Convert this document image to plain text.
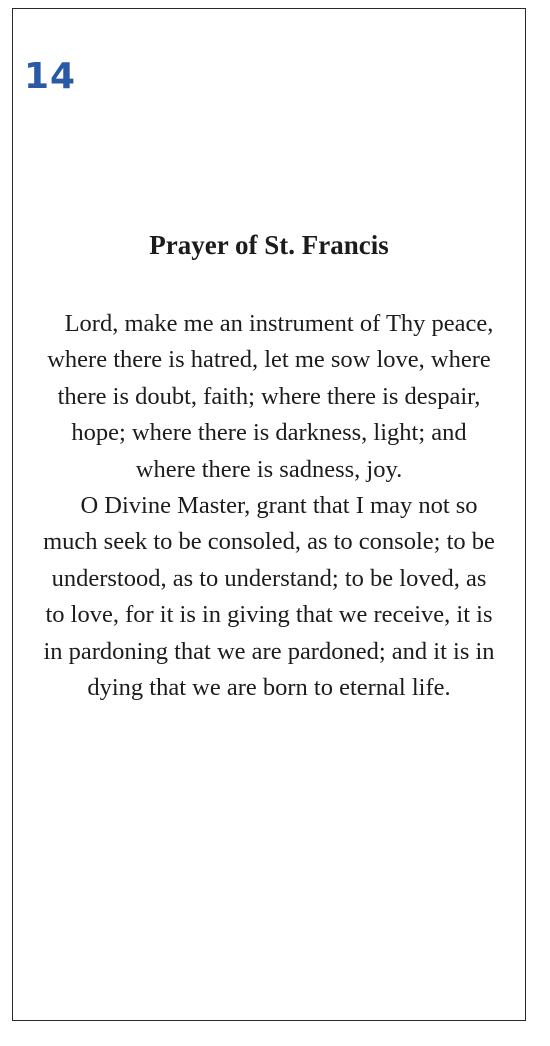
14
Prayer of St. Francis

Lord, make me an instrument of Thy peace, where there is hatred, let me sow love, where there is doubt, faith; where there is despair, hope; where there is darkness, light; and where there is sadness, joy.

O Divine Master, grant that I may not so much seek to be consoled, as to console; to be understood, as to understand; to be loved, as to love, for it is in giving that we receive, it is in pardoning that we are pardoned; and it is in dying that we are born to eternal life.
